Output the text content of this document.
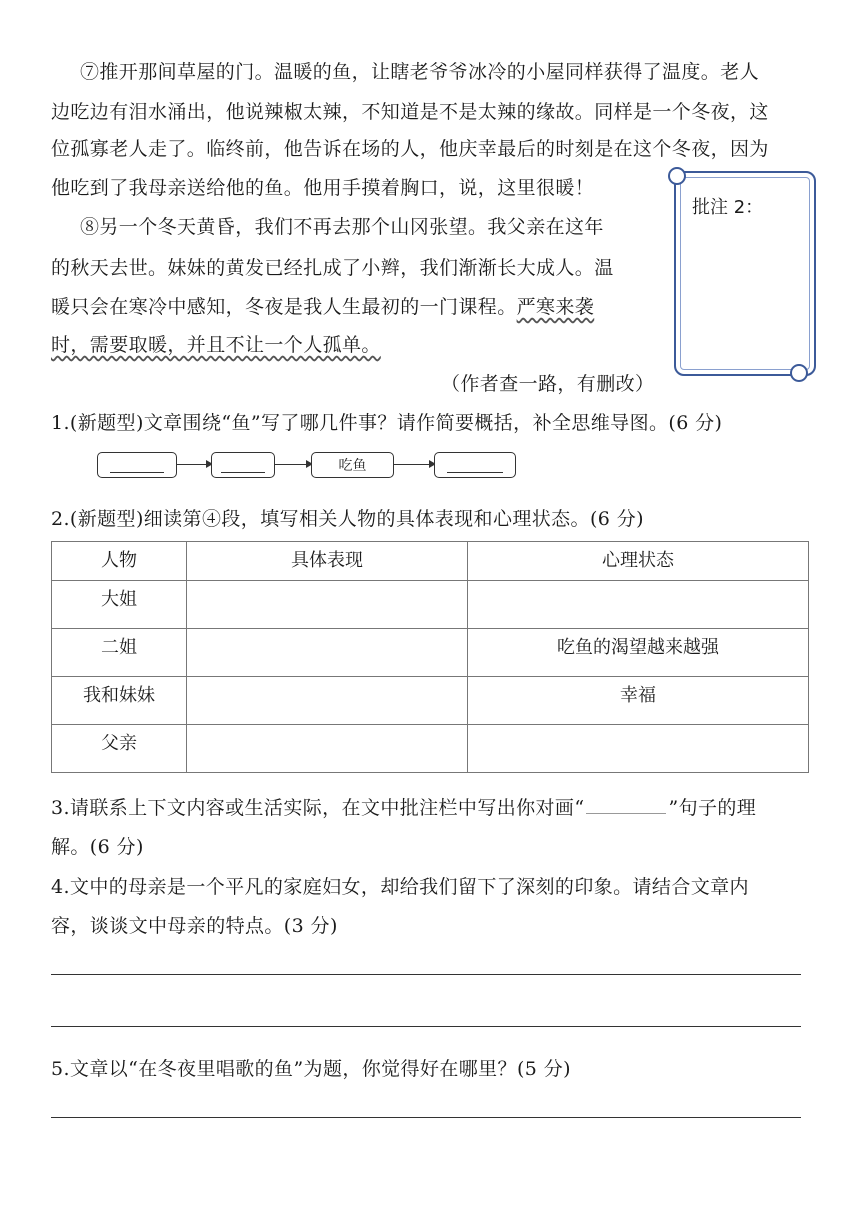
⑦推开那间草屋的门。温暖的鱼，让瞎老爷爷冰冷的小屋同样获得了温度。老人
边吃边有泪水涌出，他说辣椒太辣，不知道是不是太辣的缘故。同样是一个冬夜，这
位孤寡老人走了。临终前，他告诉在场的人，他庆幸最后的时刻是在这个冬夜，因为
他吃到了我母亲送给他的鱼。他用手摸着胸口，说，这里很暖！
⑧另一个冬天黄昏，我们不再去那个山冈张望。我父亲在这年
的秋天去世。妹妹的黄发已经扎成了小辫，我们渐渐长大成人。温
暖只会在寒冷中感知，冬夜是我人生最初的一门课程。严寒来袭
时，需要取暖，并且不让一个人孤单。
（作者查一路，有删改）
批注 2：
1.(新题型)文章围绕“鱼”写了哪几件事？请作简要概括，补全思维导图。(6 分)
吃鱼
2.(新题型)细读第④段，填写相关人物的具体表现和心理状态。(6 分)
人物	具体表现	心理状态
大姐		
二姐		吃鱼的渴望越来越强
我和妹妹		幸福
父亲		
3.请联系上下文内容或生活实际，在文中批注栏中写出你对画“	”句子的理
解。(6 分)
4.文中的母亲是一个平凡的家庭妇女，却给我们留下了深刻的印象。请结合文章内
容，谈谈文中母亲的特点。(3 分)
5.文章以“在冬夜里唱歌的鱼”为题，你觉得好在哪里？(5 分)
